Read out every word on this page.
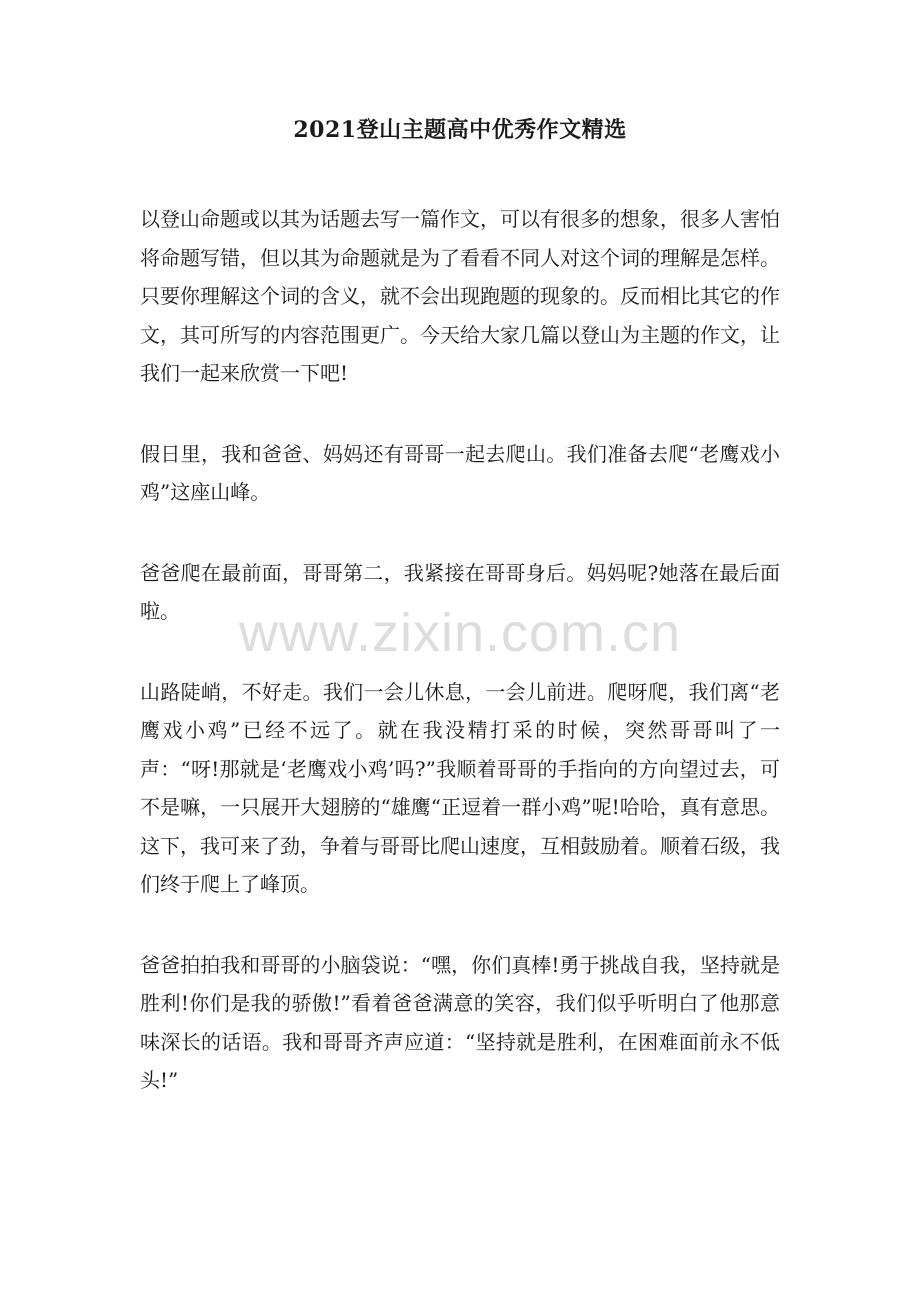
2021登山主题高中优秀作文精选

以登山命题或以其为话题去写一篇作文，可以有很多的想象，很多人害怕将命题写错，但以其为命题就是为了看看不同人对这个词的理解是怎样。只要你理解这个词的含义，就不会出现跑题的现象的。反而相比其它的作文，其可所写的内容范围更广。今天给大家几篇以登山为主题的作文，让我们一起来欣赏一下吧!

假日里，我和爸爸、妈妈还有哥哥一起去爬山。我们准备去爬“老鹰戏小鸡”这座山峰。

爸爸爬在最前面，哥哥第二，我紧接在哥哥身后。妈妈呢?她落在最后面啦。

山路陡峭，不好走。我们一会儿休息，一会儿前进。爬呀爬，我们离“老鹰戏小鸡”已经不远了。就在我没精打采的时候，突然哥哥叫了一声：“呀!那就是‘老鹰戏小鸡’吗?”我顺着哥哥的手指向的方向望过去，可不是嘛，一只展开大翅膀的“雄鹰“正逗着一群小鸡”呢!哈哈，真有意思。这下，我可来了劲，争着与哥哥比爬山速度，互相鼓励着。顺着石级，我们终于爬上了峰顶。

爸爸拍拍我和哥哥的小脑袋说：“嘿，你们真棒!勇于挑战自我，坚持就是胜利!你们是我的骄傲!”看着爸爸满意的笑容，我们似乎听明白了他那意味深长的话语。我和哥哥齐声应道：“坚持就是胜利，在困难面前永不低头!”

www.zixin.com.cn
